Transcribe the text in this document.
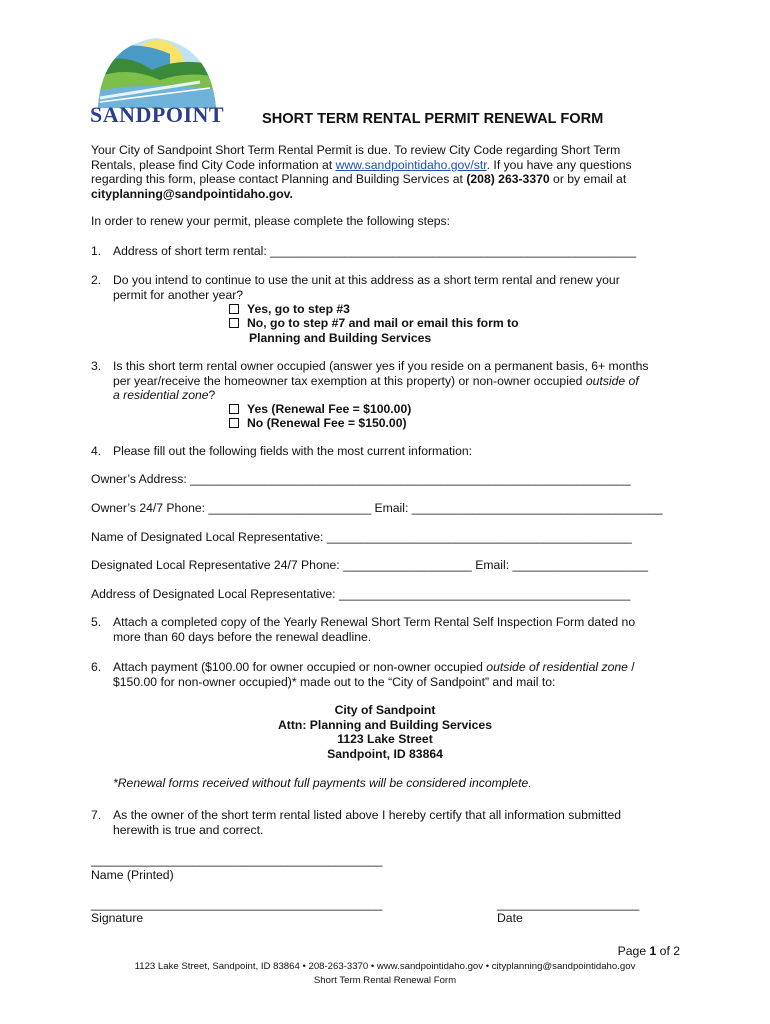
SANDPOINT	SHORT TERM RENTAL PERMIT RENEWAL FORM
Your City of Sandpoint Short Term Rental Permit is due. To review City Code regarding Short Term
Rentals, please find City Code information at www.sandpointidaho.gov/str. If you have any questions
regarding this form, please contact Planning and Building Services at (208) 263-3370 or by email at
cityplanning@sandpointidaho.gov.
In order to renew your permit, please complete the following steps:
1. Address of short term rental: ______________________________________________________
2. Do you intend to continue to use the unit at this address as a short term rental and renew your
permit for another year?
Yes, go to step #3
No, go to step #7 and mail or email this form to
Planning and Building Services
3. Is this short term rental owner occupied (answer yes if you reside on a permanent basis, 6+ months
per year/receive the homeowner tax exemption at this property) or non-owner occupied outside of
a residential zone?
Yes (Renewal Fee = $100.00)
No (Renewal Fee = $150.00)
4. Please fill out the following fields with the most current information:
Owner’s Address: _________________________________________________________________
Owner’s 24/7 Phone: ________________________ Email: _____________________________________
Name of Designated Local Representative: _____________________________________________
Designated Local Representative 24/7 Phone: ___________________ Email: ____________________
Address of Designated Local Representative: ___________________________________________
5. Attach a completed copy of the Yearly Renewal Short Term Rental Self Inspection Form dated no
more than 60 days before the renewal deadline.
6. Attach payment ($100.00 for owner occupied or non-owner occupied outside of residential zone /
$150.00 for non-owner occupied)* made out to the “City of Sandpoint” and mail to:
City of Sandpoint
Attn: Planning and Building Services
1123 Lake Street
Sandpoint, ID 83864
*Renewal forms received without full payments will be considered incomplete.
7. As the owner of the short term rental listed above I hereby certify that all information submitted
herewith is true and correct.
___________________________________________
Name (Printed)
___________________________________________
Signature
_____________________
Date
Page 1 of 2
1123 Lake Street, Sandpoint, ID 83864 • 208-263-3370 • www.sandpointidaho.gov • cityplanning@sandpointidaho.gov
Short Term Rental Renewal Form
